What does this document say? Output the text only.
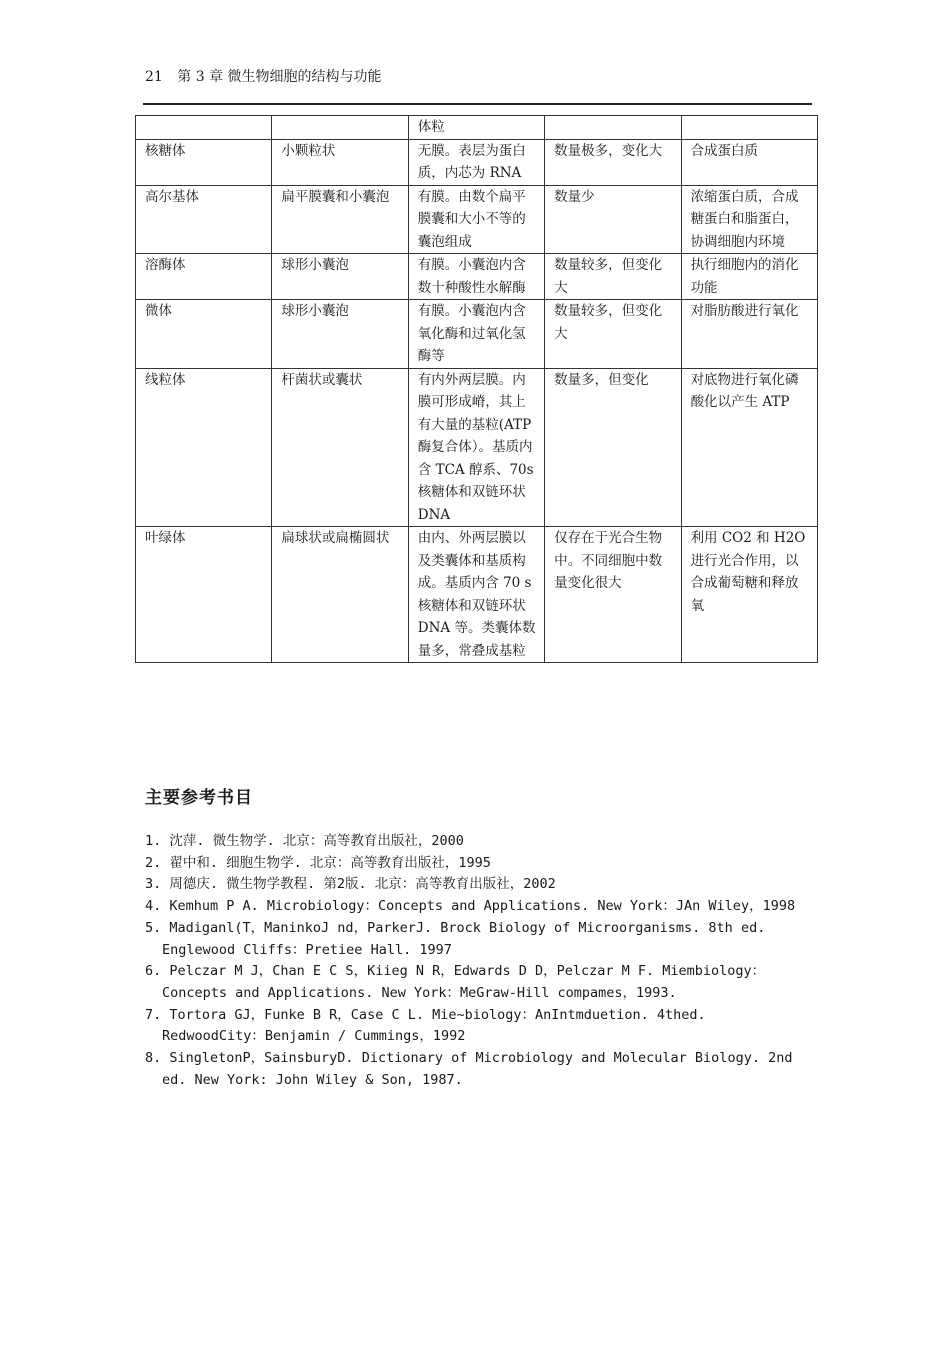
21 第 3 章 微生物细胞的结构与功能
		体粒		
核糖体	小颗粒状	无膜。表层为蛋白质，内芯为 RNA	数量极多，变化大	合成蛋白质
高尔基体	扁平膜囊和小囊泡	有膜。由数个扁平膜囊和大小不等的囊泡组成	数量少	浓缩蛋白质，合成糖蛋白和脂蛋白，协调细胞内环境
溶酶体	球形小囊泡	有膜。小囊泡内含数十种酸性水解酶	数量较多，但变化大	执行细胞内的消化功能
微体	球形小囊泡	有膜。小囊泡内含氧化酶和过氧化氢酶等	数量较多，但变化大	对脂肪酸进行氧化
线粒体	杆菌状或囊状	有内外两层膜。内膜可形成嵴，其上有大量的基粒(ATP 酶复合体）。基质内含 TCA 醇系、70s 核糖体和双链环状 DNA	数量多，但变化	对底物进行氧化磷酸化以产生 ATP
叶绿体	扁球状或扁椭圆状	由内、外两层膜以及类囊体和基质构成。基质内含 70 s 核糖体和双链环状 DNA 等。类囊体数量多，常叠成基粒	仅存在于光合生物中。不同细胞中数量变化很大	利用 CO2 和 H2O 进行光合作用，以合成葡萄糖和释放氧
主要参考书目
1. 沈萍. 微生物学. 北京：高等教育出版社，2000
2. 翟中和. 细胞生物学. 北京：高等教育出版社，1995
3. 周德庆. 微生物学教程. 第2版. 北京：高等教育出版社，2002
4. Kemhum P A. Microbiology：Concepts and Applications. New York：JAn Wiley，1998
5. Madiganl(T，ManinkoJ nd，ParkerJ. Brock Biology of Microorganisms. 8th ed. Englewood Cliffs：Pretiee Hall. 1997
6. Pelczar M J，Chan E C S，Kiieg N R，Edwards D D，Pelczar M F. Miembiology：Concepts and Applications. New York：MeGraw-Hill compames，1993.
7. Tortora GJ，Funke B R，Case C L. Mie~biology：AnIntmduetion. 4thed. RedwoodCity：Benjamin / Cummings，1992
8. SingletonP，SainsburyD. Dictionary of Microbiology and Molecular Biology. 2nd ed. New York: John Wiley & Son, 1987.
